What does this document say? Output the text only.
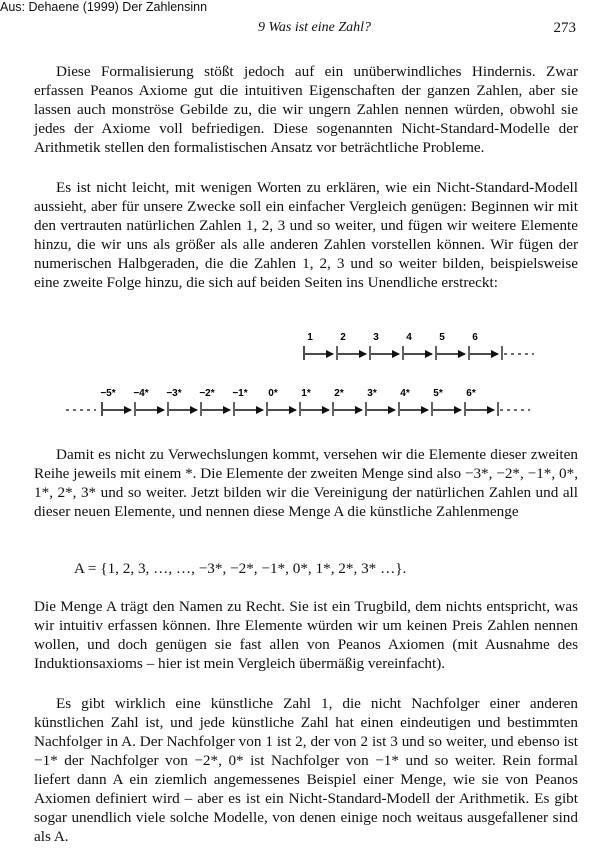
Aus: Dehaene (1999) Der Zahlensinn
9 Was ist eine Zahl?	273

Diese Formalisierung stößt jedoch auf ein unüberwindliches Hindernis. Zwar erfassen Peanos Axiome gut die intuitiven Eigenschaften der ganzen Zahlen, aber sie lassen auch monströse Gebilde zu, die wir ungern Zahlen nennen würden, obwohl sie jedes der Axiome voll befriedigen. Diese sogenannten Nicht-Standard-Modelle der Arithmetik stellen den formalistischen Ansatz vor beträchtliche Probleme.

Es ist nicht leicht, mit wenigen Worten zu erklären, wie ein Nicht-Standard-Modell aussieht, aber für unsere Zwecke soll ein einfacher Vergleich genügen: Beginnen wir mit den vertrauten natürlichen Zahlen 1, 2, 3 und so weiter, und fügen wir weitere Elemente hinzu, die wir uns als größer als alle anderen Zahlen vorstellen können. Wir fügen der numerischen Halbgeraden, die die Zahlen 1, 2, 3 und so weiter bilden, beispielsweise eine zweite Folge hinzu, die sich auf beiden Seiten ins Unendliche erstreckt:

1	2	3	4	5	6
−5* −4* −3* −2* −1* 0* 1* 2* 3* 4* 5* 6*

Damit es nicht zu Verwechslungen kommt, versehen wir die Elemente dieser zweiten Reihe jeweils mit einem *. Die Elemente der zweiten Menge sind also −3*, −2*, −1*, 0*, 1*, 2*, 3* und so weiter. Jetzt bilden wir die Vereinigung der natürlichen Zahlen und all dieser neuen Elemente, und nennen diese Menge A die künstliche Zahlenmenge

A = {1, 2, 3, …, …, −3*, −2*, −1*, 0*, 1*, 2*, 3* …}.

Die Menge A trägt den Namen zu Recht. Sie ist ein Trugbild, dem nichts entspricht, was wir intuitiv erfassen können. Ihre Elemente würden wir um keinen Preis Zahlen nennen wollen, und doch genügen sie fast allen von Peanos Axiomen (mit Ausnahme des Induktionsaxioms – hier ist mein Vergleich übermäßig vereinfacht).

Es gibt wirklich eine künstliche Zahl 1, die nicht Nachfolger einer anderen künstlichen Zahl ist, und jede künstliche Zahl hat einen eindeutigen und bestimmten Nachfolger in A. Der Nachfolger von 1 ist 2, der von 2 ist 3 und so weiter, und ebenso ist −1* der Nachfolger von −2*, 0* ist Nachfolger von −1* und so weiter. Rein formal liefert dann A ein ziemlich angemessenes Beispiel einer Menge, wie sie von Peanos Axiomen definiert wird – aber es ist ein Nicht-Standard-Modell der Arithmetik. Es gibt sogar unendlich viele solche Modelle, von denen einige noch weitaus ausgefallener sind als A.
